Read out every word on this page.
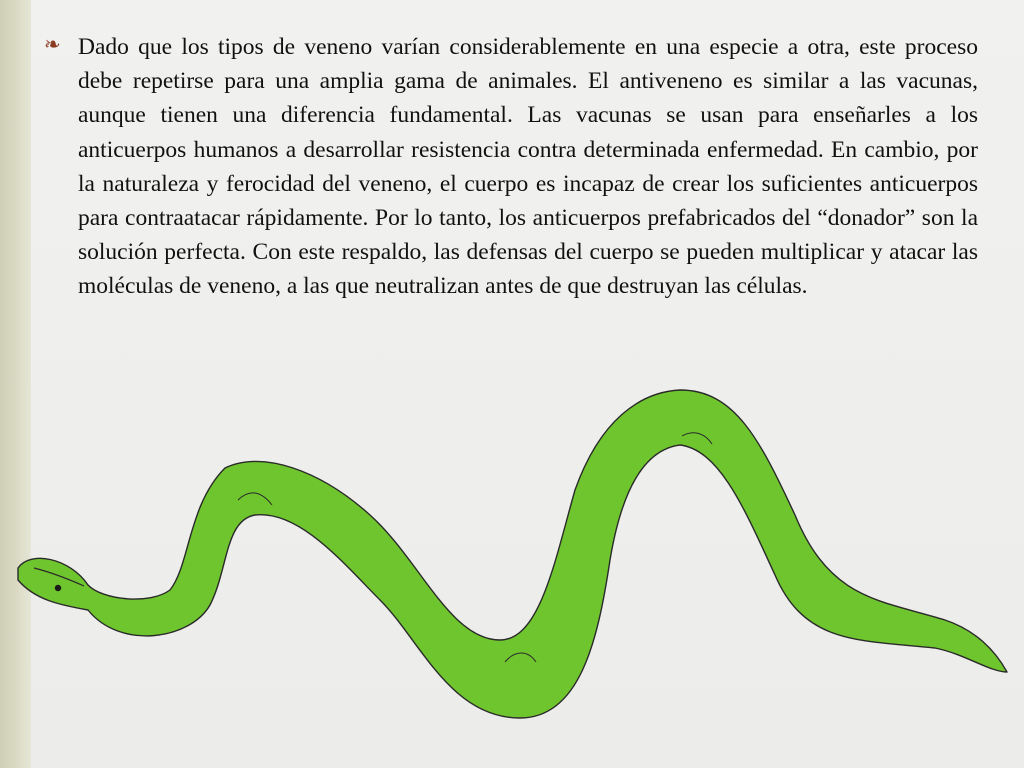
❧ Dado que los tipos de veneno varían considerablemente en una especie a otra, este proceso debe repetirse para una amplia gama de animales. El antiveneno es similar a las vacunas, aunque tienen una diferencia fundamental. Las vacunas se usan para enseñarles a los anticuerpos humanos a desarrollar resistencia contra determinada enfermedad. En cambio, por la naturaleza y ferocidad del veneno, el cuerpo es incapaz de crear los suficientes anticuerpos para contraatacar rápidamente. Por lo tanto, los anticuerpos prefabricados del “donador” son la solución perfecta. Con este respaldo, las defensas del cuerpo se pueden multiplicar y atacar las moléculas de veneno, a las que neutralizan antes de que destruyan las células.
